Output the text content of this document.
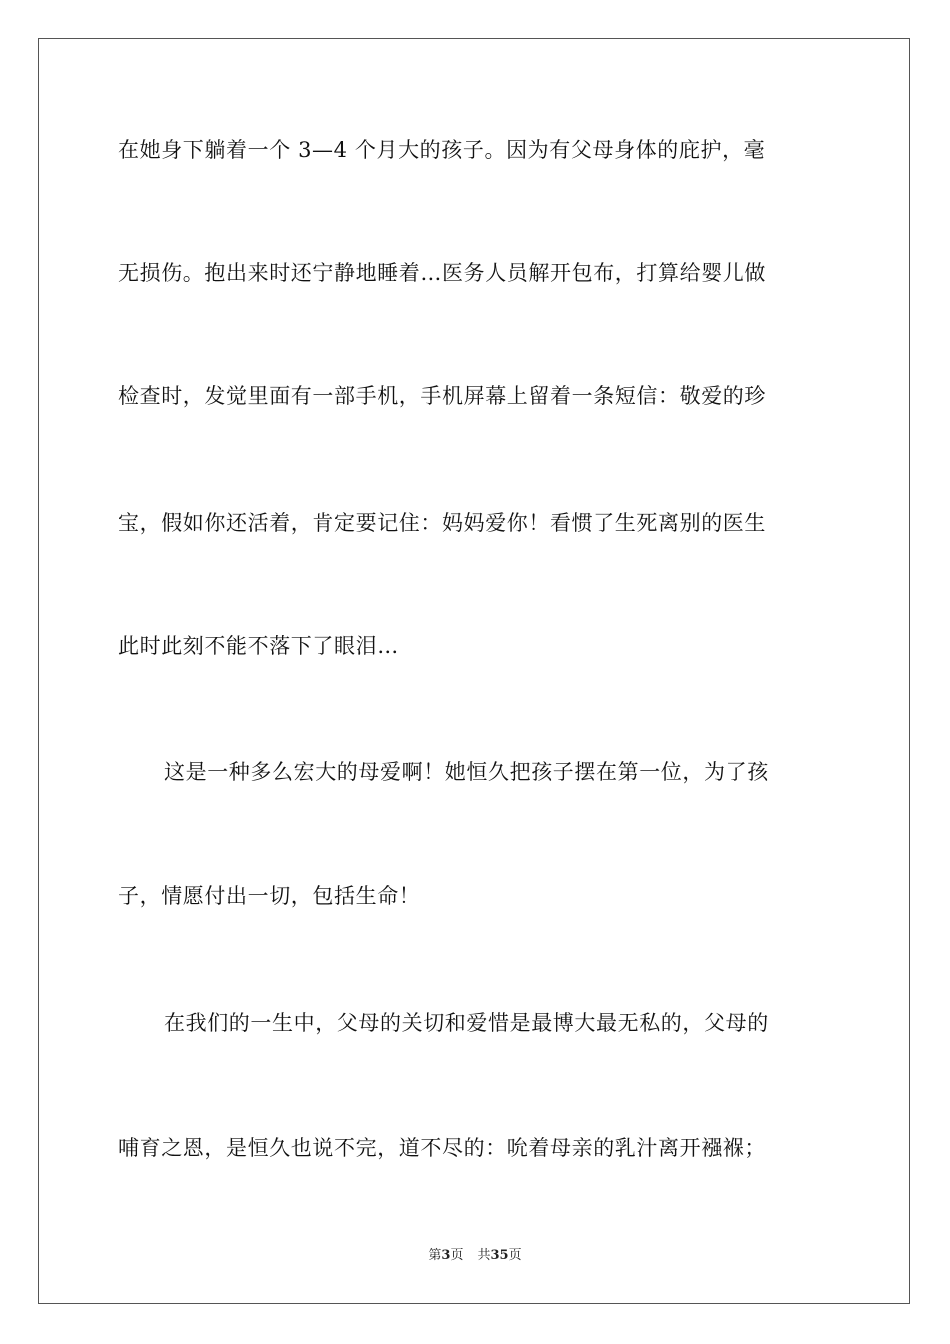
在她身下躺着一个 3—4 个月大的孩子。因为有父母身体的庇护，毫
无损伤。抱出来时还宁静地睡着…医务人员解开包布，打算给婴儿做
检查时，发觉里面有一部手机，手机屏幕上留着一条短信：敬爱的珍
宝，假如你还活着，肯定要记住：妈妈爱你！看惯了生死离别的医生
此时此刻不能不落下了眼泪…
这是一种多么宏大的母爱啊！她恒久把孩子摆在第一位，为了孩
子，情愿付出一切，包括生命！
在我们的一生中，父母的关切和爱惜是最博大最无私的，父母的
哺育之恩，是恒久也说不完，道不尽的：吮着母亲的乳汁离开襁褓；
第3页 共35页
